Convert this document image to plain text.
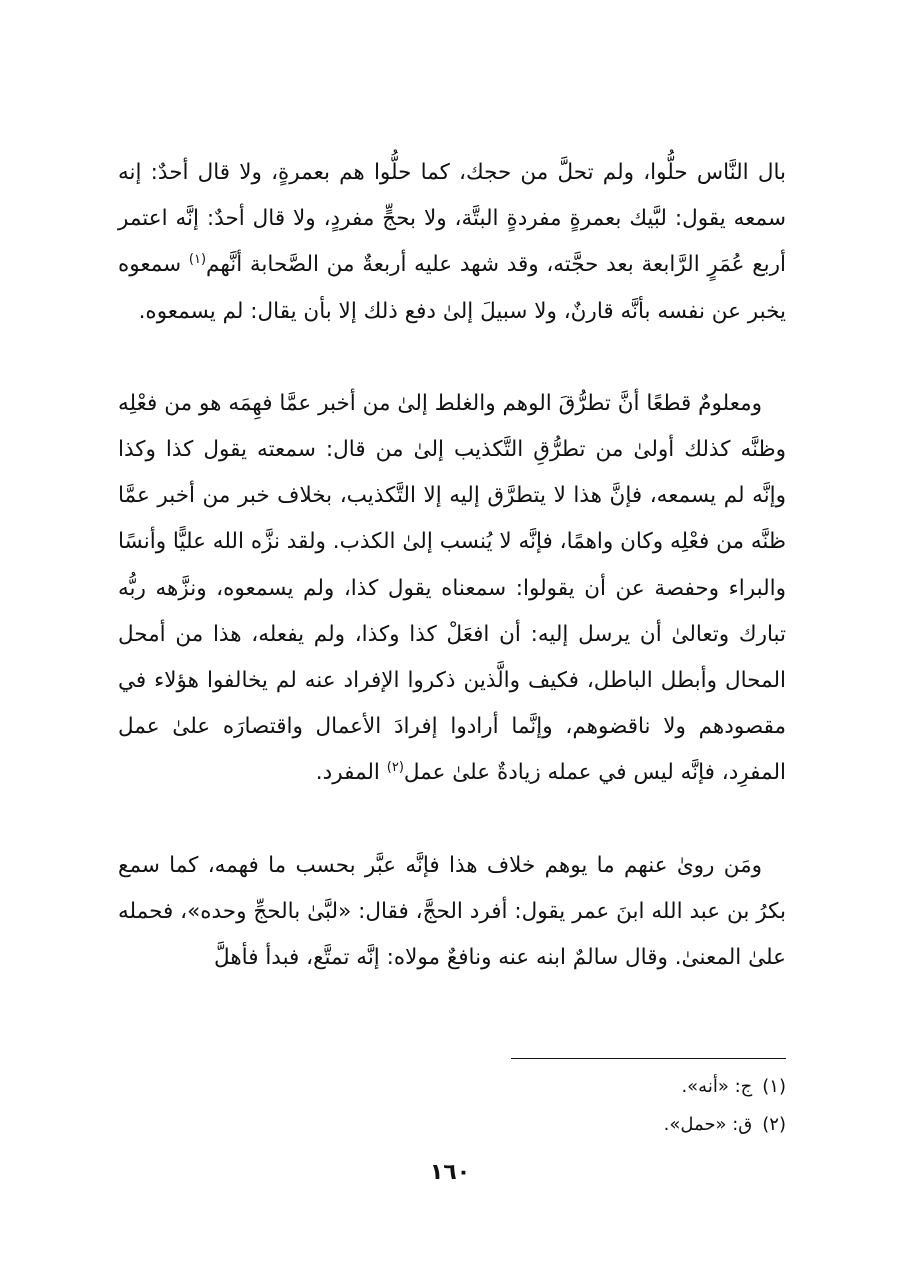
بال النَّاس حلُّوا، ولم تحلَّ من حجك، كما حلُّوا هم بعمرةٍ، ولا قال أحدٌ: إنه سمعه يقول: لبَّيك بعمرةٍ مفردةٍ البتَّة، ولا بحجٍّ مفردٍ، ولا قال أحدٌ: إنَّه اعتمر أربع عُمَرٍ الرَّابعة بعد حجَّته، وقد شهد عليه أربعةٌ من الصَّحابة أنَّهم$^{(١)}$ سمعوه يخبر عن نفسه بأنَّه قارنٌ، ولا سبيلَ إلىٰ دفع ذلك إلا بأن يقال: لم يسمعوه.

ومعلومٌ قطعًا أنَّ تطرُّقَ الوهم والغلط إلىٰ من أخبر عمَّا فهِمَه هو من فعْلِه وظنَّه كذلك أولىٰ من تطرُّقِ التَّكذيب إلىٰ من قال: سمعته يقول كذا وكذا وإنَّه لم يسمعه، فإنَّ هذا لا يتطرَّق إليه إلا التَّكذيب، بخلاف خبر من أخبر عمَّا ظنَّه من فعْلِه وكان واهمًا، فإنَّه لا يُنسب إلىٰ الكذب. ولقد نزَّه الله عليًّا وأنسًا والبراء وحفصة عن أن يقولوا: سمعناه يقول كذا، ولم يسمعوه، ونزَّهه ربُّه تبارك وتعالىٰ أن يرسل إليه: أن افعَلْ كذا وكذا، ولم يفعله، هذا من أمحل المحال وأبطل الباطل، فكيف والَّذين ذكروا الإفراد عنه لم يخالفوا هؤلاء في مقصودهم ولا ناقضوهم، وإنَّما أرادوا إفرادَ الأعمال واقتصارَه علىٰ عمل المفرِد، فإنَّه ليس في عمله زيادةٌ علىٰ عمل$^{(٢)}$ المفرد.

ومَن روىٰ عنهم ما يوهم خلاف هذا فإنَّه عبَّر بحسب ما فهمه، كما سمع بكرُ بن عبد الله ابنَ عمر يقول: أفرد الحجَّ، فقال: «لبَّىٰ بالحجِّ وحده»، فحمله علىٰ المعنىٰ. وقال سالمٌ ابنه عنه ونافعٌ مولاه: إنَّه تمتَّع، فبدأ فأهلَّ

(١)ج: «أنه».
(٢)ق: «حمل».
١٦٠
